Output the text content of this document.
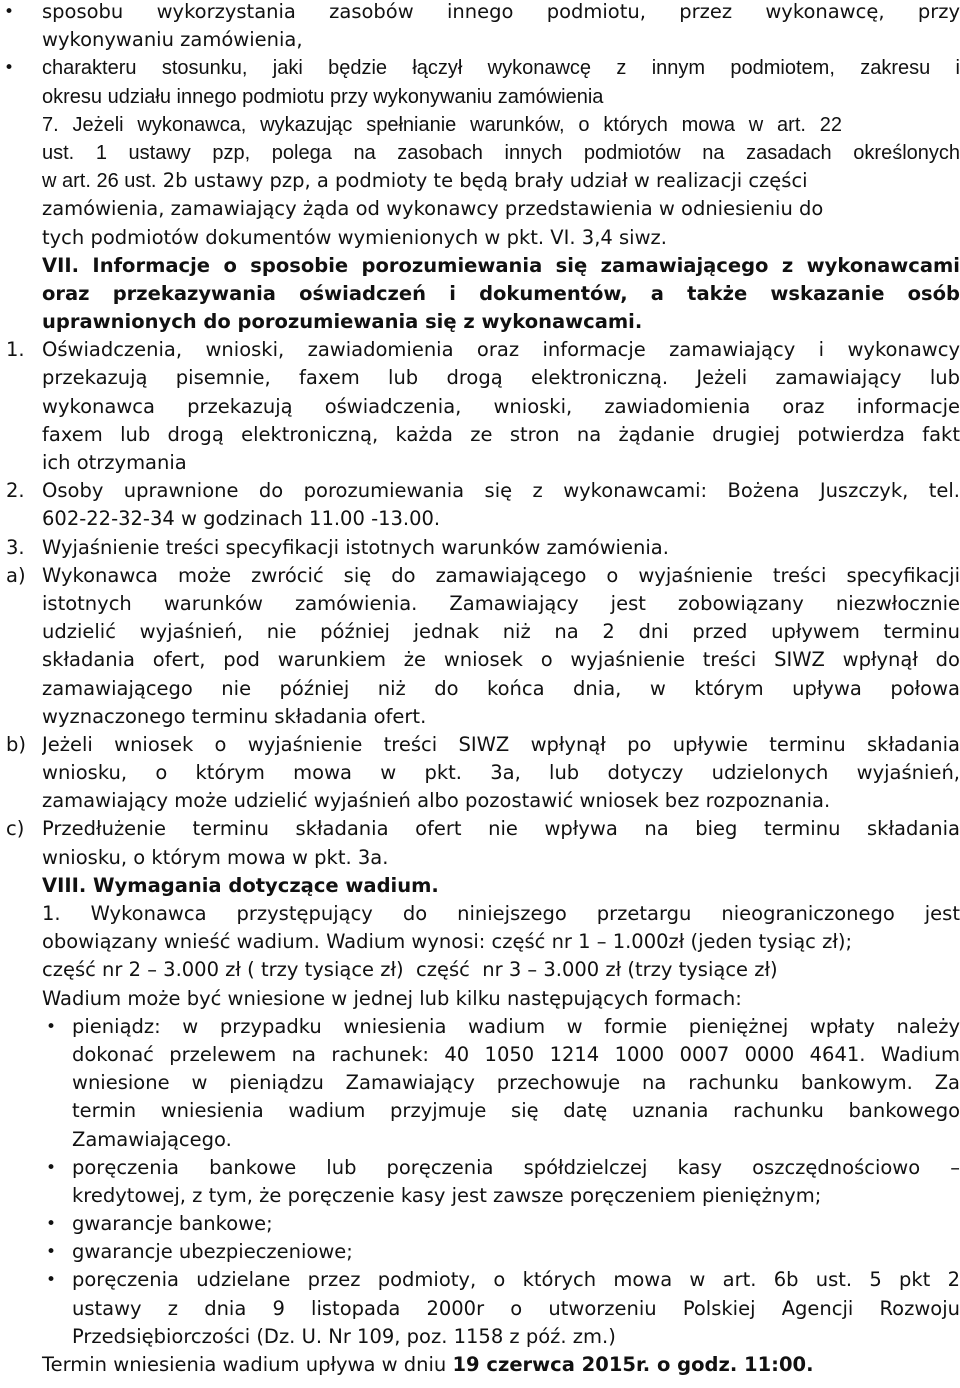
• sposobu wykorzystania zasobów innego podmiotu, przez wykonawcę, przy
wykonywaniu zamówienia,
• charakteru stosunku, jaki będzie łączył wykonawcę z innym podmiotem, zakresu i
okresu udziału innego podmiotu przy wykonywaniu zamówienia
7. Jeżeli wykonawca, wykazując spełnianie warunków, o których mowa w art. 22
ust. 1 ustawy pzp, polega na zasobach innych podmiotów na zasadach określonych
w art. 26 ust. 2b ustawy pzp, a podmioty te będą brały udział w realizacji części
zamówienia, zamawiający żąda od wykonawcy przedstawienia w odniesieniu do
tych podmiotów dokumentów wymienionych w pkt. VI. 3,4 siwz.
VII. Informacje o sposobie porozumiewania się zamawiającego z wykonawcami
oraz przekazywania oświadczeń i dokumentów, a także wskazanie osób
uprawnionych do porozumiewania się z wykonawcami.
1. Oświadczenia, wnioski, zawiadomienia oraz informacje zamawiający i wykonawcy
przekazują pisemnie, faxem lub drogą elektroniczną. Jeżeli zamawiający lub
wykonawca przekazują oświadczenia, wnioski, zawiadomienia oraz informacje
faxem lub drogą elektroniczną, każda ze stron na żądanie drugiej potwierdza fakt
ich otrzymania
2. Osoby uprawnione do porozumiewania się z wykonawcami: Bożena Juszczyk, tel.
602-22-32-34 w godzinach 11.00 -13.00.
3. Wyjaśnienie treści specyfikacji istotnych warunków zamówienia.
a) Wykonawca może zwrócić się do zamawiającego o wyjaśnienie treści specyfikacji
istotnych warunków zamówienia. Zamawiający jest zobowiązany niezwłocznie
udzielić wyjaśnień, nie później jednak niż na 2 dni przed upływem terminu
składania ofert, pod warunkiem że wniosek o wyjaśnienie treści SIWZ wpłynął do
zamawiającego nie później niż do końca dnia, w którym upływa połowa
wyznaczonego terminu składania ofert.
b) Jeżeli wniosek o wyjaśnienie treści SIWZ wpłynął po upływie terminu składania
wniosku, o którym mowa w pkt. 3a, lub dotyczy udzielonych wyjaśnień,
zamawiający może udzielić wyjaśnień albo pozostawić wniosek bez rozpoznania.
c) Przedłużenie terminu składania ofert nie wpływa na bieg terminu składania
wniosku, o którym mowa w pkt. 3a.
VIII. Wymagania dotyczące wadium.
1. Wykonawca przystępujący do niniejszego przetargu nieograniczonego jest
obowiązany wnieść wadium. Wadium wynosi: część nr 1 – 1.000zł (jeden tysiąc zł);
część nr 2 – 3.000 zł ( trzy tysiące zł)  część  nr 3 – 3.000 zł (trzy tysiące zł)
Wadium może być wniesione w jednej lub kilku następujących formach:
• pieniądz: w przypadku wniesienia wadium w formie pieniężnej wpłaty należy
dokonać przelewem na rachunek: 40 1050 1214 1000 0007 0000 4641. Wadium
wniesione w pieniądzu Zamawiający przechowuje na rachunku bankowym. Za
termin wniesienia wadium przyjmuje się datę uznania rachunku bankowego
Zamawiającego.
• poręczenia bankowe lub poręczenia spółdzielczej kasy oszczędnościowo –
kredytowej, z tym, że poręczenie kasy jest zawsze poręczeniem pieniężnym;
• gwarancje bankowe;
• gwarancje ubezpieczeniowe;
• poręczenia udzielane przez podmioty, o których mowa w art. 6b ust. 5 pkt 2
ustawy z dnia 9 listopada 2000r o utworzeniu Polskiej Agencji Rozwoju
Przedsiębiorczości (Dz. U. Nr 109, poz. 1158 z póź. zm.)
Termin wniesienia wadium upływa w dniu 19 czerwca 2015r. o godz. 11:00.
